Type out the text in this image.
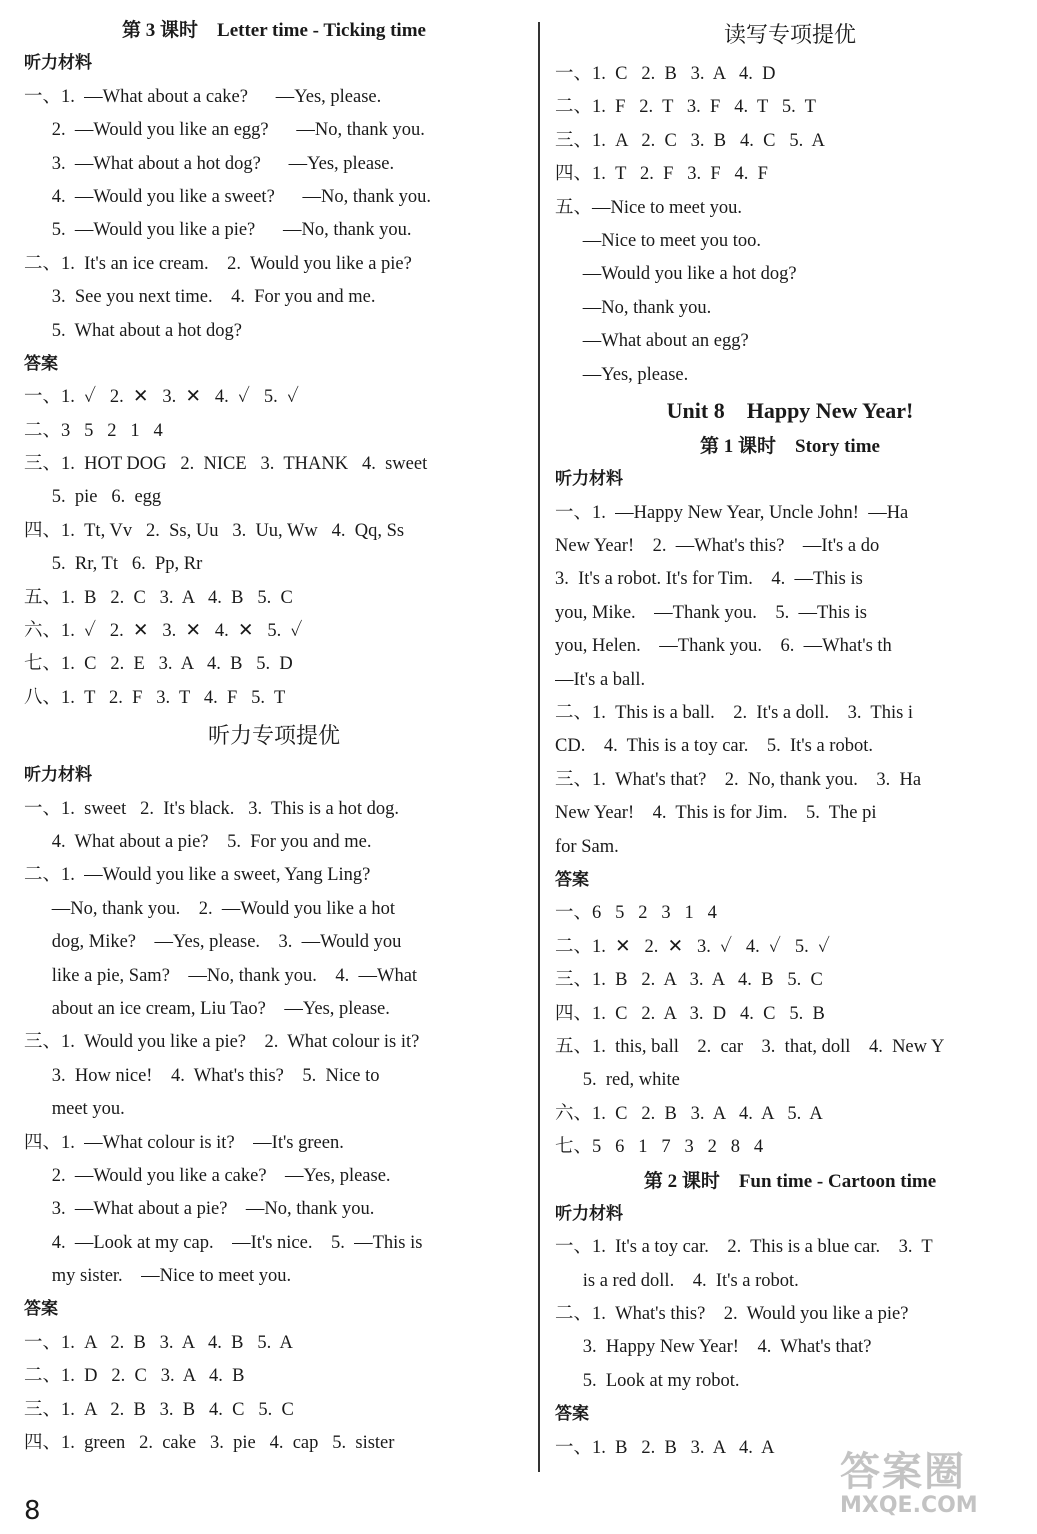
第 3 课时    Letter time - Ticking time
听力材料
一、1.  —What about a cake?      —Yes, please.
2.  —Would you like an egg?      —No, thank you.
3.  —What about a hot dog?      —Yes, please.
4.  —Would you like a sweet?      —No, thank you.
5.  —Would you like a pie?      —No, thank you.
二、1.  It's an ice cream.    2.  Would you like a pie?
3.  See you next time.    4.  For you and me.
5.  What about a hot dog?
答案
一、1.  ✓   2.  ✕   3.  ✕   4.  ✓   5.  ✓
二、3   5   2   1   4
三、1.  HOT DOG   2.  NICE   3.  THANK   4.  sweet
5.  pie   6.  egg
四、1.  Tt, Vv   2.  Ss, Uu   3.  Uu, Ww   4.  Qq, Ss
5.  Rr, Tt   6.  Pp, Rr
五、1.  B   2.  C   3.  A   4.  B   5.  C
六、1.  ✓   2.  ✕   3.  ✕   4.  ✕   5.  ✓
七、1.  C   2.  E   3.  A   4.  B   5.  D
八、1.  T   2.  F   3.  T   4.  F   5.  T
听力专项提优
听力材料
一、1.  sweet   2.  It's black.   3.  This is a hot dog.
4.  What about a pie?    5.  For you and me.
二、1.  —Would you like a sweet, Yang Ling?
—No, thank you.    2.  —Would you like a hot
dog, Mike?    —Yes, please.    3.  —Would you
like a pie, Sam?    —No, thank you.    4.  —What
about an ice cream, Liu Tao?    —Yes, please.
三、1.  Would you like a pie?    2.  What colour is it?
3.  How nice!    4.  What's this?    5.  Nice to
meet you.
四、1.  —What colour is it?    —It's green.
2.  —Would you like a cake?    —Yes, please.
3.  —What about a pie?    —No, thank you.
4.  —Look at my cap.    —It's nice.    5.  —This is
my sister.    —Nice to meet you.
答案
一、1.  A   2.  B   3.  A   4.  B   5.  A
二、1.  D   2.  C   3.  A   4.  B
三、1.  A   2.  B   3.  B   4.  C   5.  C
四、1.  green   2.  cake   3.  pie   4.  cap   5.  sister
读写专项提优
一、1.  C   2.  B   3.  A   4.  D
二、1.  F   2.  T   3.  F   4.  T   5.  T
三、1.  A   2.  C   3.  B   4.  C   5.  A
四、1.  T   2.  F   3.  F   4.  F
五、—Nice to meet you.
—Nice to meet you too.
—Would you like a hot dog?
—No, thank you.
—What about an egg?
—Yes, please.
Unit 8    Happy New Year!
第 1 课时    Story time
听力材料
一、1.  —Happy New Year, Uncle John!  —Ha
New Year!    2.  —What's this?    —It's a do
3.  It's a robot. It's for Tim.    4.  —This is
you, Mike.    —Thank you.    5.  —This is
you, Helen.    —Thank you.    6.  —What's th
—It's a ball.
二、1.  This is a ball.    2.  It's a doll.    3.  This i
CD.    4.  This is a toy car.    5.  It's a robot.
三、1.  What's that?    2.  No, thank you.    3.  Ha
New Year!    4.  This is for Jim.    5.  The pi
for Sam.
答案
一、6   5   2   3   1   4
二、1.  ✕   2.  ✕   3.  ✓   4.  ✓   5.  ✓
三、1.  B   2.  A   3.  A   4.  B   5.  C
四、1.  C   2.  A   3.  D   4.  C   5.  B
五、1.  this, ball    2.  car    3.  that, doll    4.  New Y
5.  red, white
六、1.  C   2.  B   3.  A   4.  A   5.  A
七、5   6   1   7   3   2   8   4
第 2 课时    Fun time - Cartoon time
听力材料
一、1.  It's a toy car.    2.  This is a blue car.    3.  T
is a red doll.    4.  It's a robot.
二、1.  What's this?    2.  Would you like a pie?
3.  Happy New Year!    4.  What's that?
5.  Look at my robot.
答案
一、1.  B   2.  B   3.  A   4.  A
8
答案圈
MXQE.COM
